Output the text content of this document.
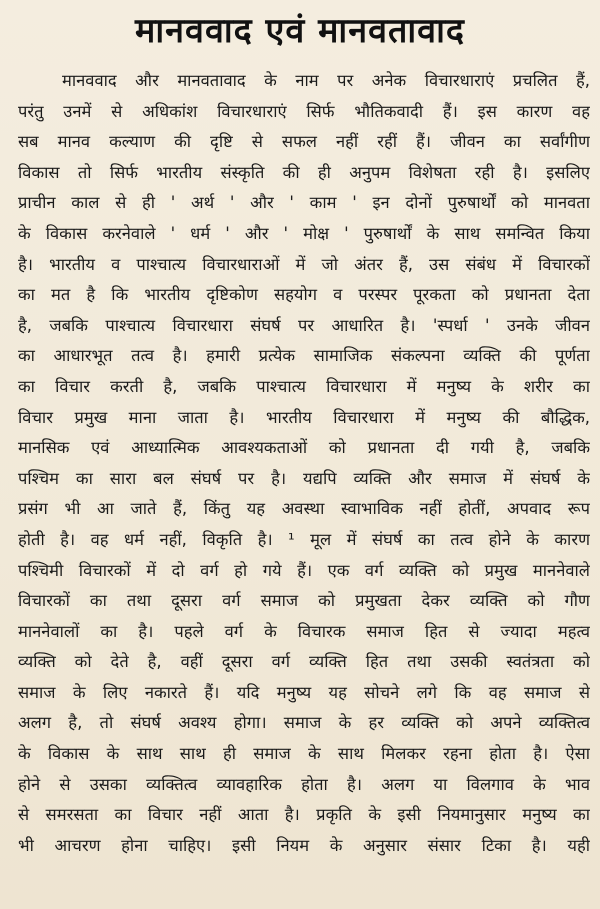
मानववाद एवं मानवतावाद
मानववाद और मानवतावाद के नाम पर अनेक विचारधाराएं प्रचलित हैं,
परंतु उनमें से अधिकांश विचारधाराएं सिर्फ भौतिकवादी हैं। इस कारण वह
सब मानव कल्याण की दृष्टि से सफल नहीं रहीं हैं। जीवन का सर्वांगीण
विकास तो सिर्फ भारतीय संस्कृति की ही अनुपम विशेषता रही है। इसलिए
प्राचीन काल से ही ' अर्थ ' और ' काम ' इन दोनों पुरुषार्थों को मानवता
के विकास करनेवाले ' धर्म ' और ' मोक्ष ' पुरुषार्थों के साथ समन्वित किया
है। भारतीय व पाश्चात्य विचारधाराओं में जो अंतर हैं, उस संबंध में विचारकों
का मत है कि भारतीय दृष्टिकोण सहयोग व परस्पर पूरकता को प्रधानता देता
है, जबकि पाश्चात्य विचारधारा संघर्ष पर आधारित है। 'स्पर्धा ' उनके जीवन
का आधारभूत तत्व है। हमारी प्रत्येक सामाजिक संकल्पना व्यक्ति की पूर्णता
का विचार करती है, जबकि पाश्चात्य विचारधारा में मनुष्य के शरीर का
विचार प्रमुख माना जाता है। भारतीय विचारधारा में मनुष्य की बौद्धिक,
मानसिक एवं आध्यात्मिक आवश्यकताओं को प्रधानता दी गयी है, जबकि
पश्चिम का सारा बल संघर्ष पर है। यद्यपि व्यक्ति और समाज में संघर्ष के
प्रसंग भी आ जाते हैं, किंतु यह अवस्था स्वाभाविक नहीं होतीं, अपवाद रूप
होती है। वह धर्म नहीं, विकृति है। ¹ मूल में संघर्ष का तत्व होने के कारण
पश्चिमी विचारकों में दो वर्ग हो गये हैं। एक वर्ग व्यक्ति को प्रमुख माननेवाले
विचारकों का तथा दूसरा वर्ग समाज को प्रमुखता देकर व्यक्ति को गौण
माननेवालों का है। पहले वर्ग के विचारक समाज हित से ज्यादा महत्व
व्यक्ति को देते है, वहीं दूसरा वर्ग व्यक्ति हित तथा उसकी स्वतंत्रता को
समाज के लिए नकारते हैं। यदि मनुष्य यह सोचने लगे कि वह समाज से
अलग है, तो संघर्ष अवश्य होगा। समाज के हर व्यक्ति को अपने व्यक्तित्व
के विकास के साथ साथ ही समाज के साथ मिलकर रहना होता है। ऐसा
होने से उसका व्यक्तित्व व्यावहारिक होता है। अलग या विलगाव के भाव
से समरसता का विचार नहीं आता है। प्रकृति के इसी नियमानुसार मनुष्य का
भी आचरण होना चाहिए। इसी नियम के अनुसार संसार टिका है। यही
